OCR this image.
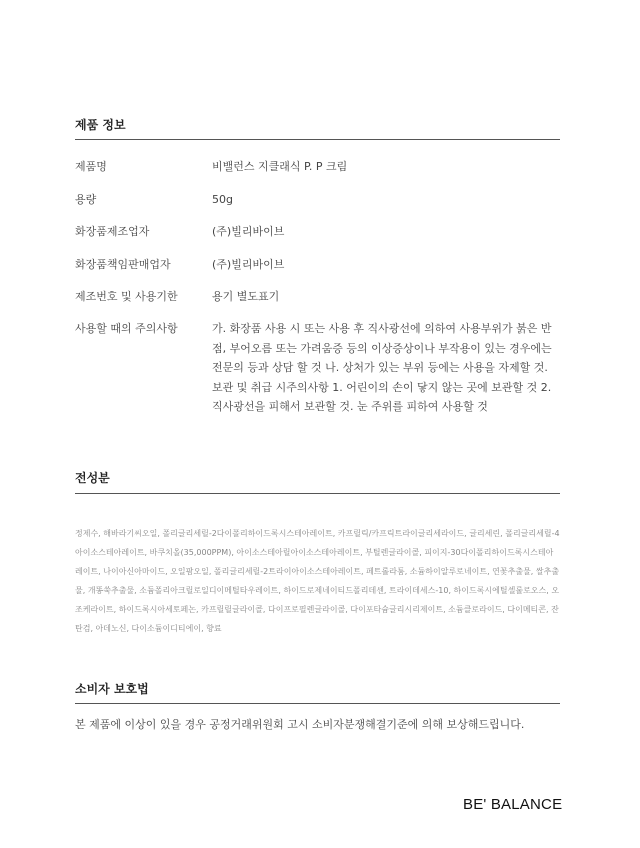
제품 정보
제품명	비밸런스 지클래식 P. P 크림
용량	50g
화장품제조업자	(주)빌리바이브
화장품책임판매업자	(주)빌리바이브
제조번호 및 사용기한	용기 별도표기
사용할 때의 주의사항	가. 화장품 사용 시 또는 사용 후 직사광선에 의하여 사용부위가 붉은 반점, 부어오름 또는 가려움증 등의 이상증상이나 부작용이 있는 경우에는 전문의 등과 상담 할 것 나. 상처가 있는 부위 등에는 사용을 자제할 것. 보관 및 취급 시주의사항 1. 어린이의 손이 닿지 않는 곳에 보관할 것 2. 직사광선을 피해서 보관할 것. 눈 주위를 피하여 사용할 것
전성분

정제수, 해바라기씨오일, 폴리글리세릴-2다이폴리하이드록시스테아레이트, 카프릴릭/카프릭트라이글리세라이드, 글리세린, 폴리글리세릴-4아이소스테아레이트, 바쿠치올(35,000PPM), 아이소스테아릴아이소스테아레이트, 부틸렌글라이콜, 피이지-30다이폴리하이드록시스테아레이트, 나이아신아마이드, 오일팜오일, 폴리글리세릴-2트라이아이소스테아레이트, 페트롤라툼, 소듐하이알루로네이트, 연꽃추출물, 쌀추출물, 개똥쑥추출물, 소듐폴리아크릴로일디이메틸타우레이트, 하이드로제네이티드폴리데센, 트라이데세스-10, 하이드록시에틸셀룰로오스, 오조케라이트, 하이드록시아세토페논, 카프릴릴글라이콜, 다이프로필렌글라이콜, 다이포타슘글리시리제이트, 소듐클로라이드, 다이메티콘, 잔탄검, 아데노신, 다이소듐이디티에이, 향료

소비자 보호법

본 제품에 이상이 있을 경우 공정거래위원회 고시 소비자분쟁해결기준에 의해 보상해드립니다.

BE' BALANCE
